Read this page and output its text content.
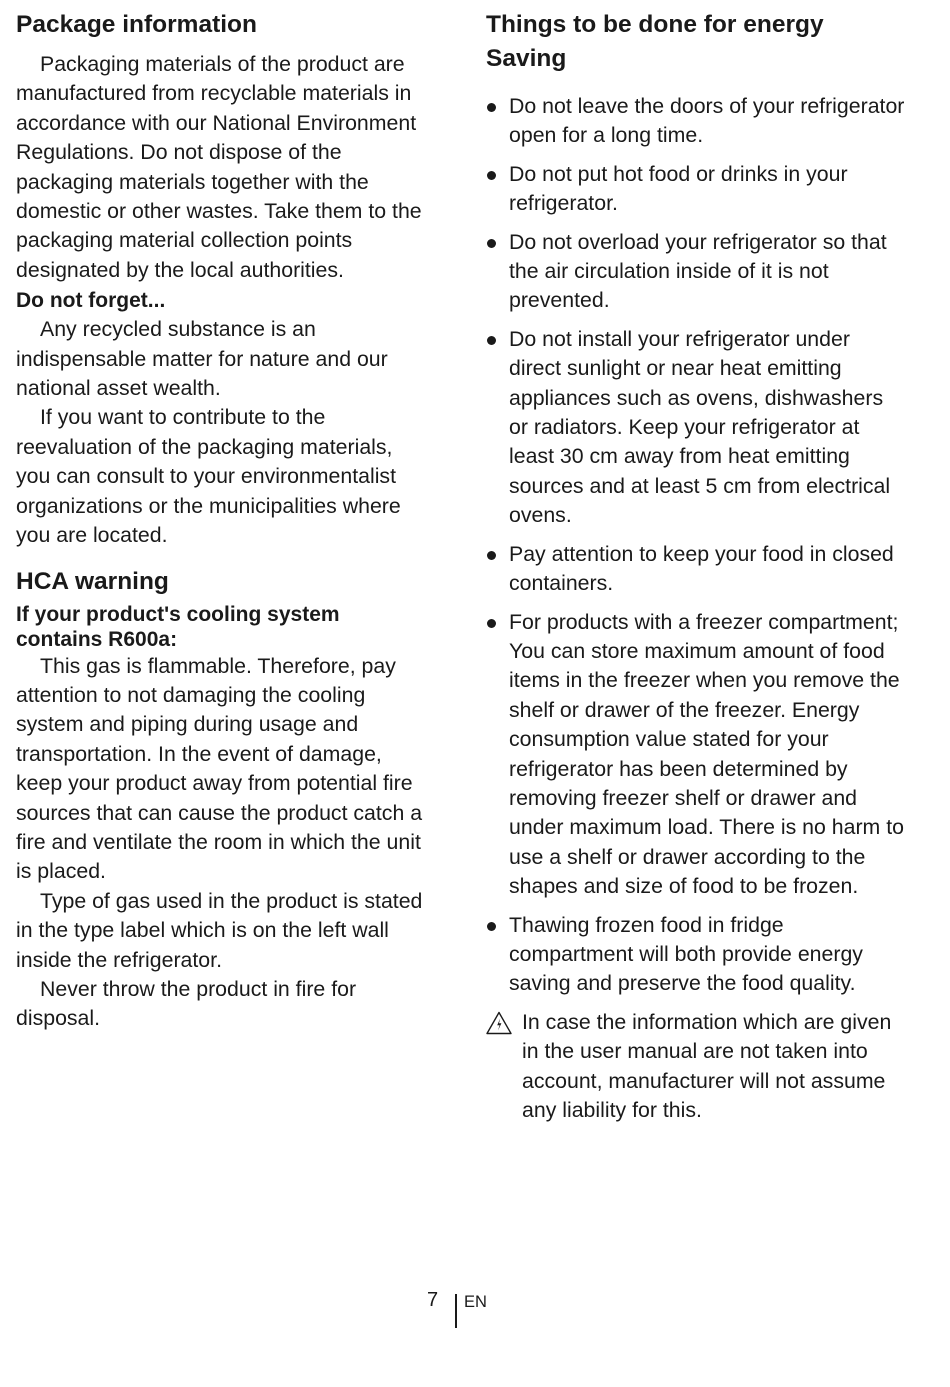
Package information

Packaging materials of the product are manufactured from recyclable materials in accordance with our National Environment Regulations. Do not dispose of the packaging materials together with the domestic or other wastes. Take them to the packaging material collection points designated by the local authorities.

Do not forget...

Any recycled substance is an indispensable matter for nature and our national asset wealth.

If you want to contribute to the reevaluation of the packaging materials, you can consult to your environmentalist organizations or the municipalities where you are located.

HCA warning
If your product's cooling system contains R600a:

This gas is flammable. Therefore, pay attention to not damaging the cooling system and piping during usage and transportation. In the event of damage, keep your product away from potential fire sources that can cause the product catch a fire and ventilate the room in which the unit is placed.

Type of gas used in the product is stated in the type label which is on the left wall inside the refrigerator.

Never throw the product in fire for disposal.

Things to be done for energy Saving
Do not leave the doors of your refrigerator open for a long time.
Do not put hot food or drinks in your refrigerator.
Do not overload your refrigerator so that the air circulation inside of it is not prevented.
Do not install your refrigerator under direct sunlight or near heat emitting appliances such as ovens, dishwashers or radiators. Keep your refrigerator at least 30 cm away from heat emitting sources and at least 5 cm from electrical ovens.
Pay attention to keep your food in closed containers.
For products with a freezer compartment; You can store maximum amount of food items in the freezer when you remove the shelf or drawer of the freezer. Energy consumption value stated for your refrigerator has been determined by removing freezer shelf or drawer and under maximum load. There is no harm to use a shelf or drawer according to the shapes and size of food to be frozen.
Thawing frozen food in fridge compartment will both provide energy saving and preserve the food quality.
In case the information which are given in the user manual are not taken into account, manufacturer will not assume any liability for this.
7 EN
